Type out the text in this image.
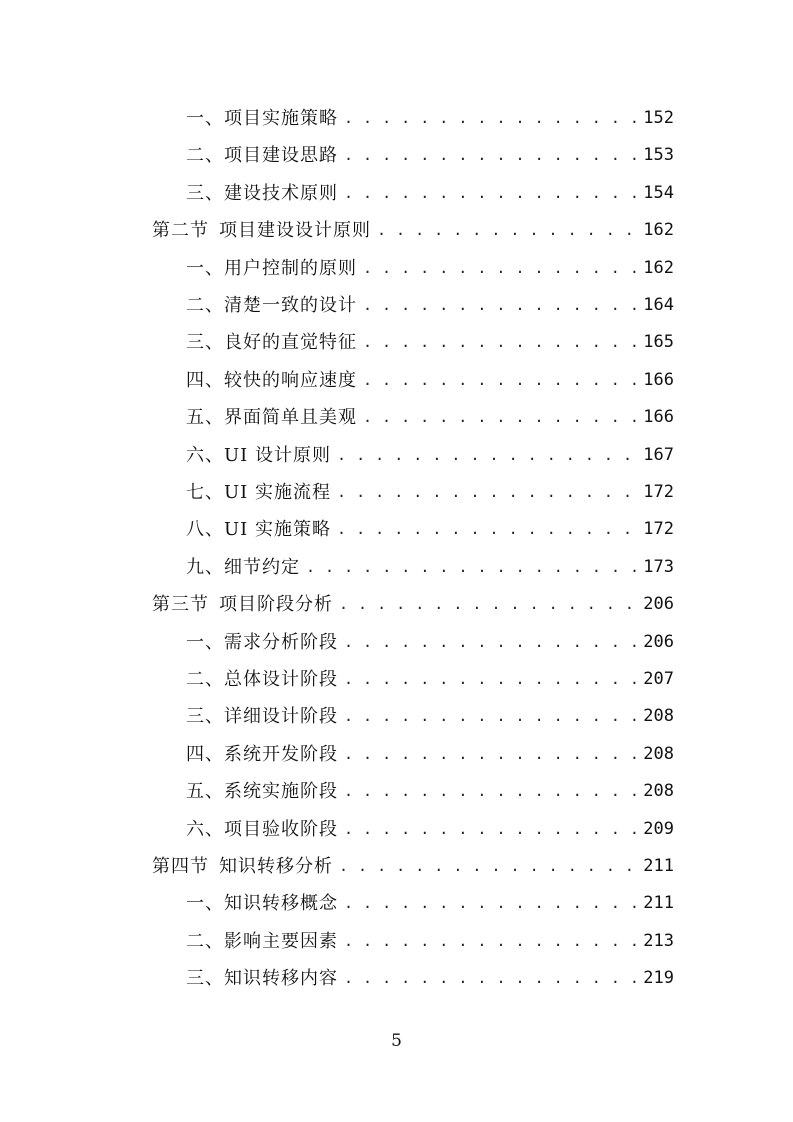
一、项目实施策略 . . .	152
二、项目建设思路 . . .	153
三、建设技术原则 . . .	154
第二节 项目建设设计原则 . . .	162
一、用户控制的原则 . . .	162
二、清楚一致的设计 . . .	164
三、良好的直觉特征 . . .	165
四、较快的响应速度 . . .	166
五、界面简单且美观 . . .	166
六、UI 设计原则 . . .	167
七、UI 实施流程 . . .	172
八、UI 实施策略 . . .	172
九、细节约定 . . .	173
第三节 项目阶段分析 . . .	206
一、需求分析阶段 . . .	206
二、总体设计阶段 . . .	207
三、详细设计阶段 . . .	208
四、系统开发阶段 . . .	208
五、系统实施阶段 . . .	208
六、项目验收阶段 . . .	209
第四节 知识转移分析 . . .	211
一、知识转移概念 . . .	211
二、影响主要因素 . . .	213
三、知识转移内容 . . .	219
5
